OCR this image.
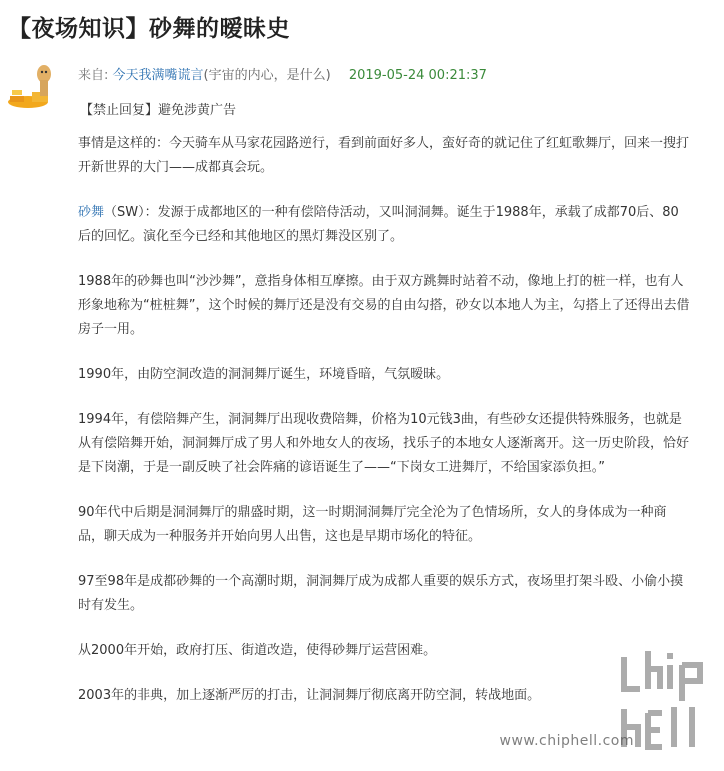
【夜场知识】砂舞的暧昧史
来自: 今天我满嘴谎言(宇宙的内心，是什么) 2019-05-24 00:21:37
【禁止回复】避免涉黄广告

事情是这样的：今天骑车从马家花园路逆行，看到前面好多人，蛮好奇的就记住了红虹歌舞厅，回来一搜打开新世界的大门——成都真会玩。

砂舞（SW）：发源于成都地区的一种有偿陪侍活动，又叫洞洞舞。诞生于1988年，承载了成都70后、80后的回忆。演化至今已经和其他地区的黑灯舞没区别了。

1988年的砂舞也叫“沙沙舞”，意指身体相互摩擦。由于双方跳舞时站着不动，像地上打的桩一样，也有人形象地称为“桩桩舞”，这个时候的舞厅还是没有交易的自由勾搭，砂女以本地人为主，勾搭上了还得出去借房子一用。

1990年，由防空洞改造的洞洞舞厅诞生，环境昏暗，气氛暧昧。

1994年，有偿陪舞产生，洞洞舞厅出现收费陪舞，价格为10元钱3曲，有些砂女还提供特殊服务，也就是从有偿陪舞开始，洞洞舞厅成了男人和外地女人的夜场，找乐子的本地女人逐渐离开。这一历史阶段，恰好是下岗潮，于是一副反映了社会阵痛的谚语诞生了——“下岗女工进舞厅，不给国家添负担。”

90年代中后期是洞洞舞厅的鼎盛时期，这一时期洞洞舞厅完全沦为了色情场所，女人的身体成为一种商品，聊天成为一种服务并开始向男人出售，这也是早期市场化的特征。

97至98年是成都砂舞的一个高潮时期，洞洞舞厅成为成都人重要的娱乐方式，夜场里打架斗殴、小偷小摸时有发生。

从2000年开始，政府打压、街道改造，使得砂舞厅运营困难。

2003年的非典，加上逐渐严厉的打击，让洞洞舞厅彻底离开防空洞，转战地面。

www.chiphell.com
